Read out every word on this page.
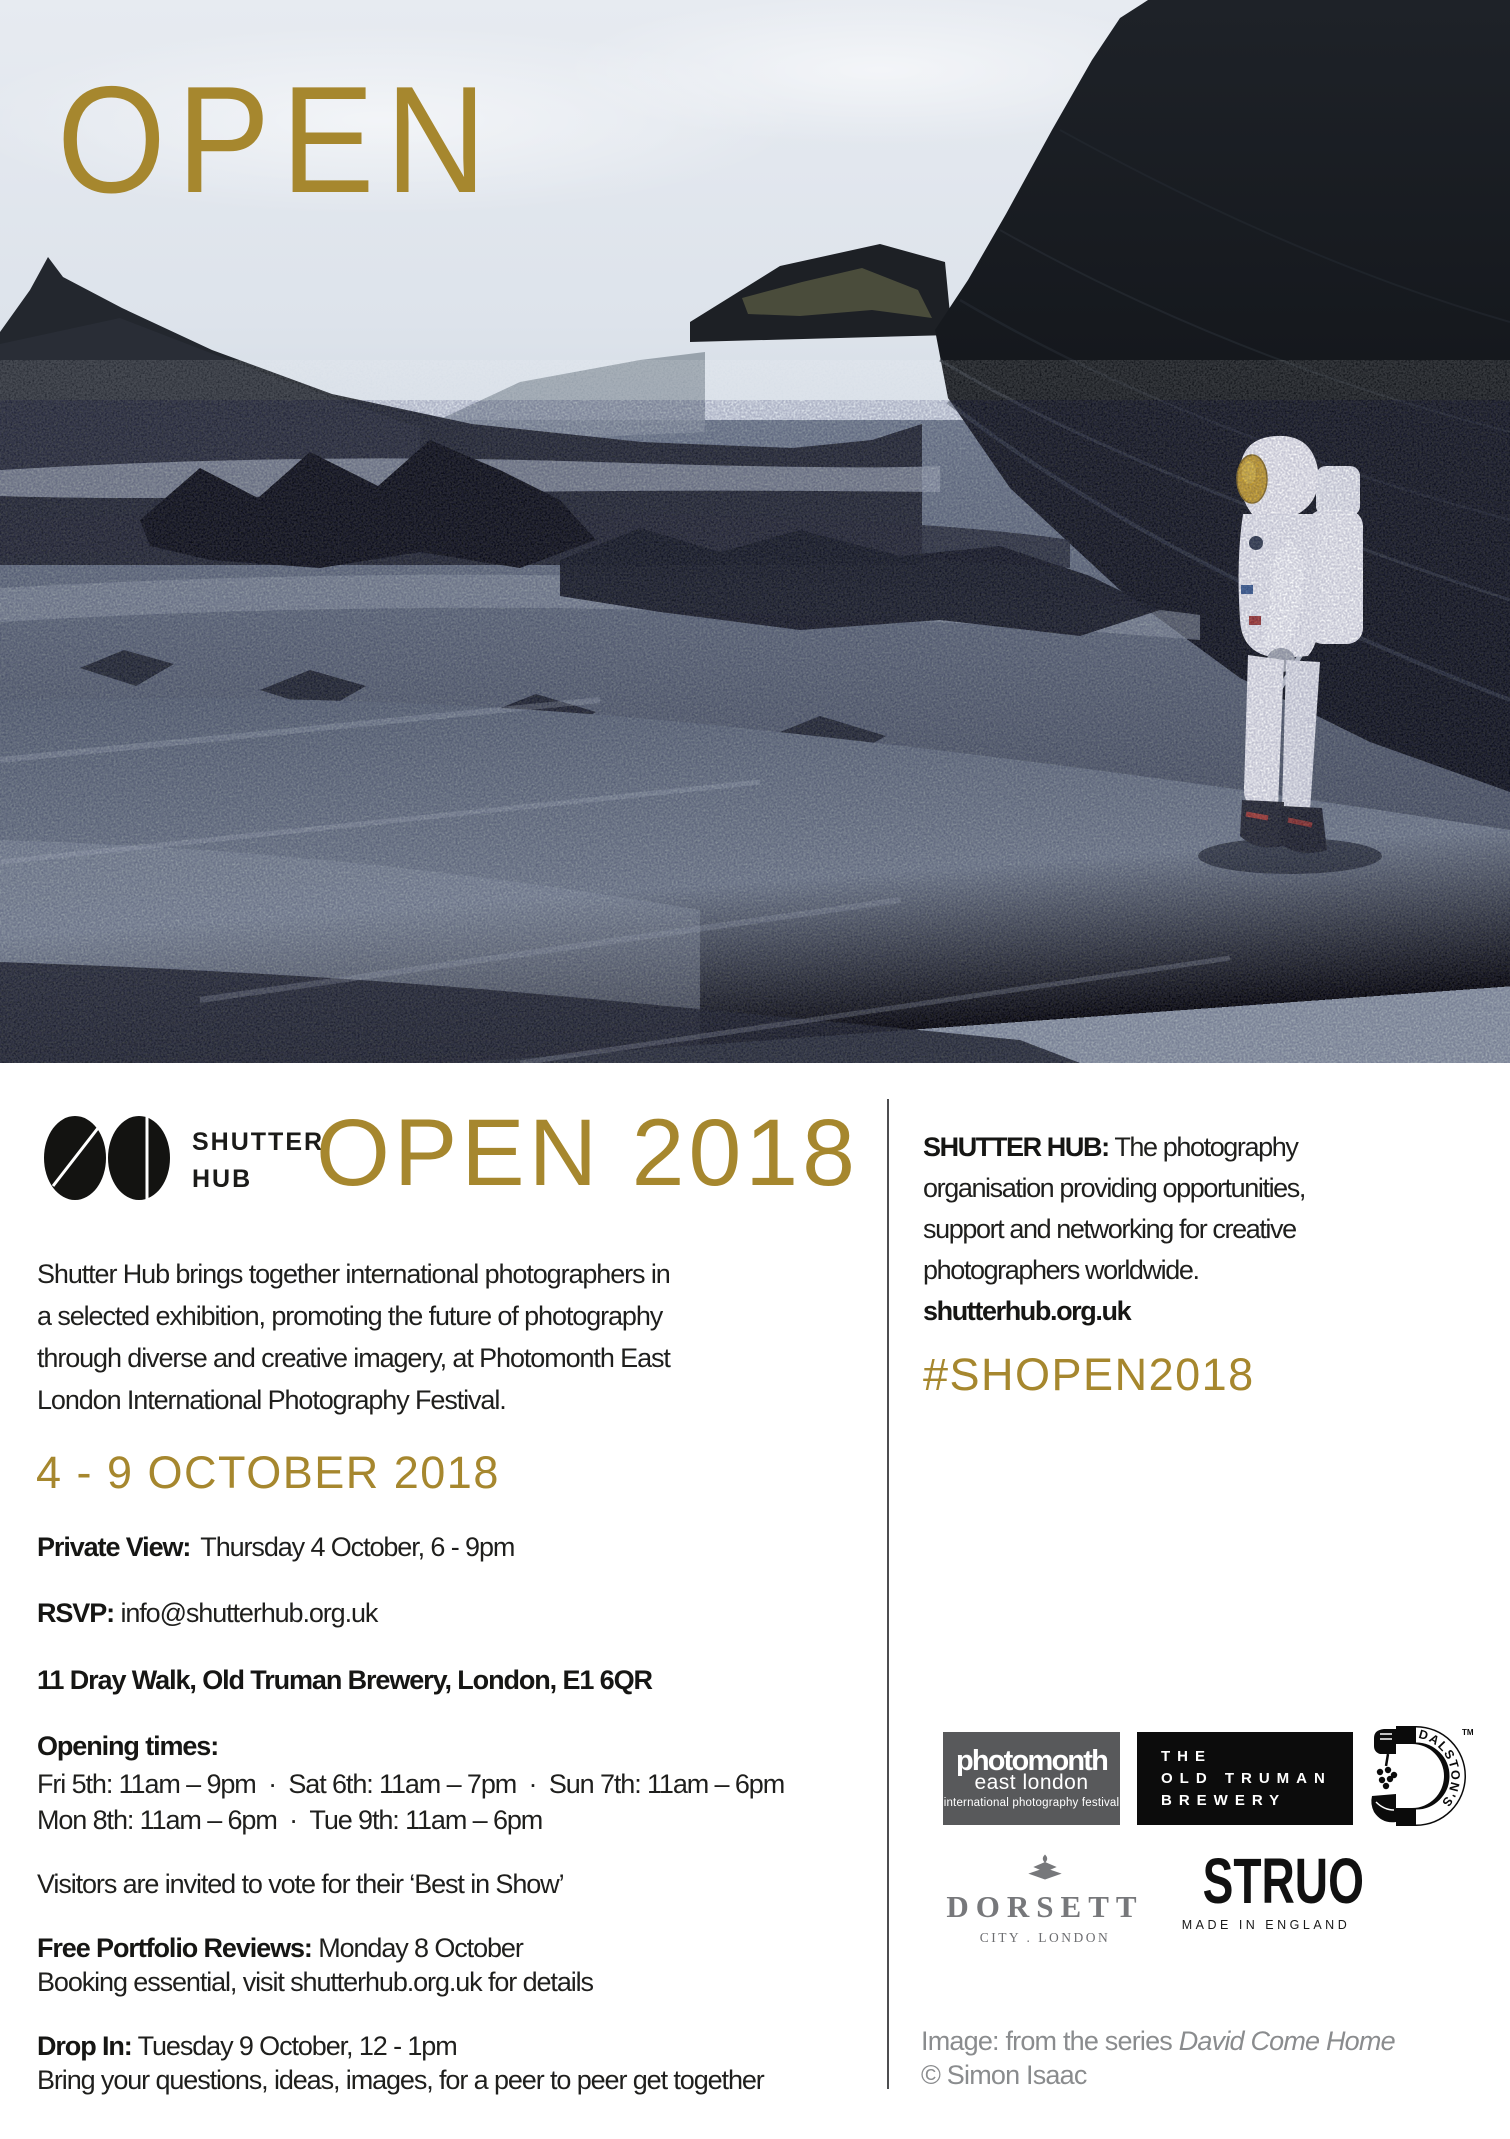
OPEN
SHUTTER
HUB OPEN 2018
Shutter Hub brings together international photographers in
a selected exhibition, promoting the future of photography
through diverse and creative imagery, at Photomonth East
London International Photography Festival.
4 - 9 OCTOBER 2018
Private View: Thursday 4 October, 6 - 9pm
RSVP: info@shutterhub.org.uk
11 Dray Walk, Old Truman Brewery, London, E1 6QR
Opening times:
Fri 5th: 11am – 9pm · Sat 6th: 11am – 7pm · Sun 7th: 11am – 6pm
Mon 8th: 11am – 6pm · Tue 9th: 11am – 6pm
Visitors are invited to vote for their ‘Best in Show’
Free Portfolio Reviews: Monday 8 October
Booking essential, visit shutterhub.org.uk for details
Drop In: Tuesday 9 October, 12 - 1pm
Bring your questions, ideas, images, for a peer to peer get together
SHUTTER HUB: The photography
organisation providing opportunities,
support and networking for creative
photographers worldwide.
shutterhub.org.uk
#SHOPEN2018
photomonth
east london
international photography festival
THE
OLD TRUMAN
BREWERY
DALSTON'S
TM
DORSETT
CITY . LONDON
STRUO
MADE IN ENGLAND
Image: from the series David Come Home
© Simon Isaac
